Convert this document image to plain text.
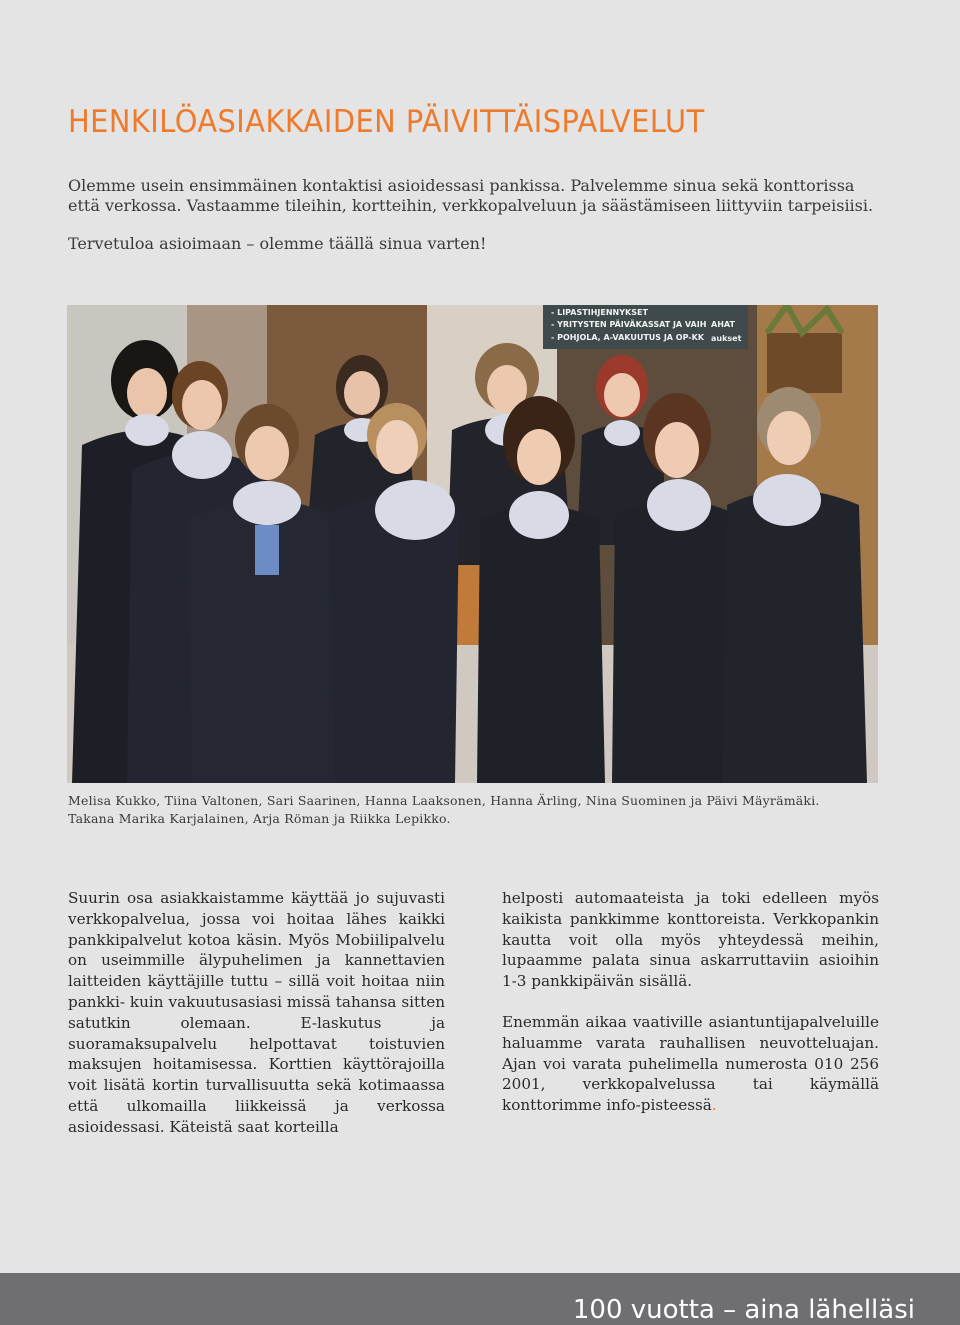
HENKILÖASIAKKAIDEN PÄIVITTÄISPALVELUT

Olemme usein ensimmäinen kontaktisi asioidessasi pankissa. Palvelemme sinua sekä konttorissa että verkossa. Vastaamme tileihin, kortteihin, verkkopalveluun ja säästämiseen liittyviin tarpeisiisi.

Tervetuloa asioimaan – olemme täällä sinua varten!

- LIPASTIHJENNYKSET
- YRITYSTEN PÄIVÄKASSAT JA VAIH
- POHJOLA, A-VAKUUTUS JA OP-KK
AHAT
aukset
Melisa Kukko, Tiina Valtonen, Sari Saarinen, Hanna Laaksonen, Hanna Ärling, Nina Suominen ja Päivi Mäyrämäki.
Takana Marika Karjalainen, Arja Röman ja Riikka Lepikko.

Suurin osa asiakkaistamme käyttää jo sujuvasti verkkopalvelua, jossa voi hoitaa lähes kaikki pankkipalvelut kotoa käsin. Myös Mobiilipalvelu on useimmille älypuhelimen ja kannettavien laitteiden käyttäjille tuttu – sillä voit hoitaa niin pankki- kuin vakuutusasiasi missä tahansa sitten satutkin olemaan. E-laskutus ja suoramaksupalvelu helpottavat toistuvien maksujen hoitamisessa. Korttien käyttörajoilla voit lisätä kortin turvallisuutta sekä kotimaassa että ulkomailla liikkeissä ja verkossa asioidessasi. Käteistä saat korteilla

helposti automaateista ja toki edelleen myös kaikista pankkimme konttoreista. Verkkopankin kautta voit olla myös yhteydessä meihin, lupaamme palata sinua askarruttaviin asioihin 1-3 pankkipäivän sisällä.

Enemmän aikaa vaativille asiantuntijapalveluille haluamme varata rauhallisen neuvotteluajan. Ajan voi varata puhelimella numerosta 010 256 2001, verkkopalvelussa tai käymällä konttorimme info-pisteessä.

100 vuotta – aina lähelläsi
